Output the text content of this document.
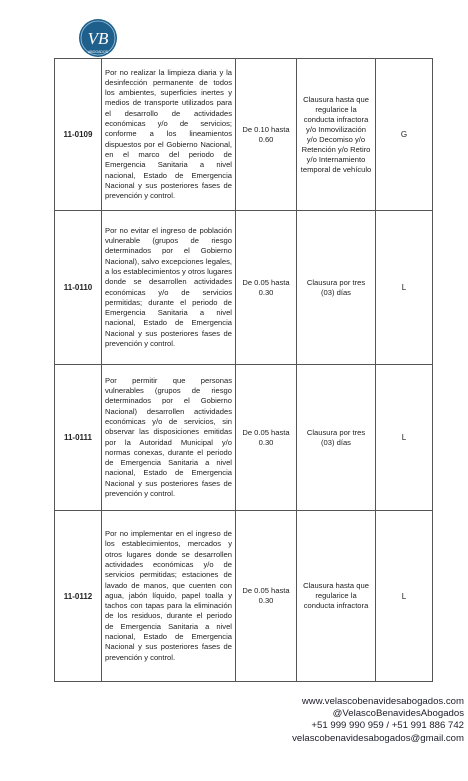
VB
ABOGADOS
11-0109	Por no realizar la limpieza diaria y la desinfección permanente de todos los ambientes, superficies inertes y medios de transporte utilizados para el desarrollo de actividades económicas y/o de servicios; conforme a los lineamientos dispuestos por el Gobierno Nacional, en el marco del periodo de Emergencia Sanitaria a nivel nacional, Estado de Emergencia Nacional y sus posteriores fases de prevención y control.	De 0.10 hasta 0.60	Clausura hasta que regularice la conducta infractora y/o Inmovilización y/o Decomiso y/o Retención y/o Retiro y/o Internamiento temporal de vehículo	G
11-0110	Por no evitar el ingreso de población vulnerable (grupos de riesgo determinados por el Gobierno Nacional), salvo excepciones legales, a los establecimientos y otros lugares donde se desarrollen actividades económicas y/o de servicios permitidas; durante el periodo de Emergencia Sanitaria a nivel nacional, Estado de Emergencia Nacional y sus posteriores fases de prevención y control.	De 0.05 hasta 0.30	Clausura por tres (03) días	L
11-0111	Por permitir que personas vulnerables (grupos de riesgo determinados por el Gobierno Nacional) desarrollen actividades económicas y/o de servicios, sin observar las disposiciones emitidas por la Autoridad Municipal y/o normas conexas, durante el periodo de Emergencia Sanitaria a nivel nacional, Estado de Emergencia Nacional y sus posteriores fases de prevención y control.	De 0.05 hasta 0.30	Clausura por tres (03) días	L
11-0112	Por no implementar en el ingreso de los establecimientos, mercados y otros lugares donde se desarrollen actividades económicas y/o de servicios permitidas; estaciones de lavado de manos, que cuenten con agua, jabón líquido, papel toalla y tachos con tapas para la eliminación de los residuos, durante el periodo de Emergencia Sanitaria a nivel nacional, Estado de Emergencia Nacional y sus posteriores fases de prevención y control.	De 0.05 hasta 0.30	Clausura hasta que regularice la conducta infractora	L
www.velascobenavidesabogados.com
@VelascoBenavidesAbogados
+51 999 990 959 / +51 991 886 742
velascobenavidesabogados@gmail.com
